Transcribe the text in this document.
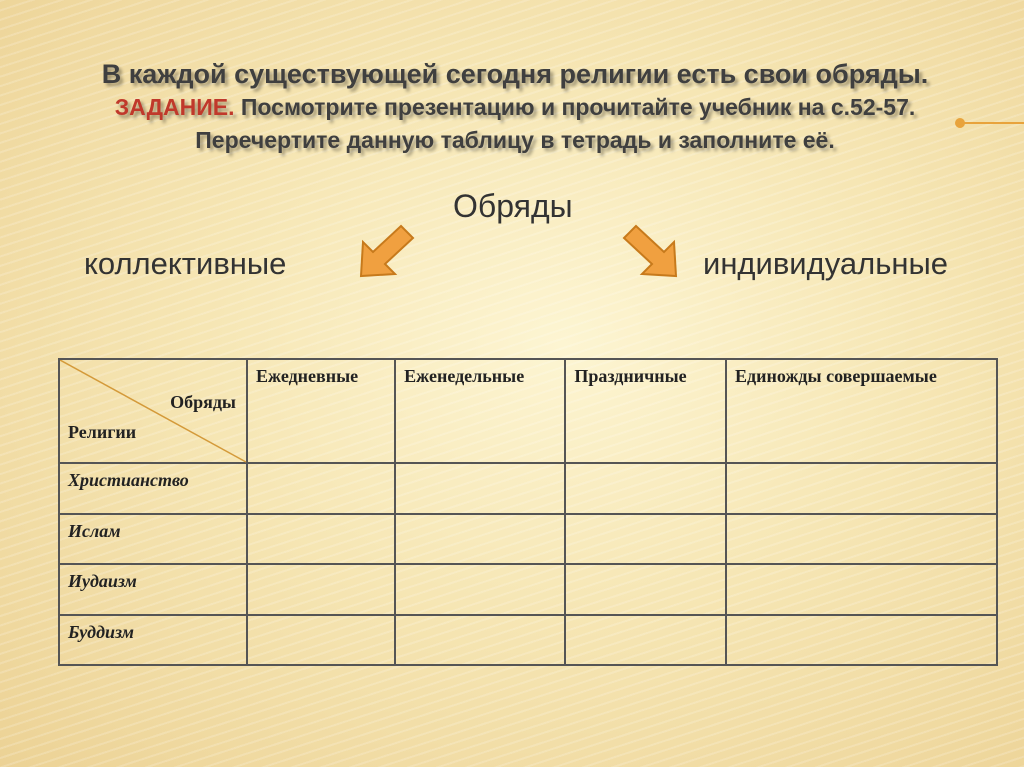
В каждой существующей сегодня религии есть свои обряды.
ЗАДАНИЕ. Посмотрите презентацию и прочитайте учебник на с.52-57.
Перечертите данную таблицу в тетрадь и заполните её.
Обряды
коллективные	индивидуальные
Обряды
Религии	Ежедневные	Еженедельные	Праздничные	Единожды совершаемые
Христианство				
Ислам				
Иудаизм				
Буддизм				
